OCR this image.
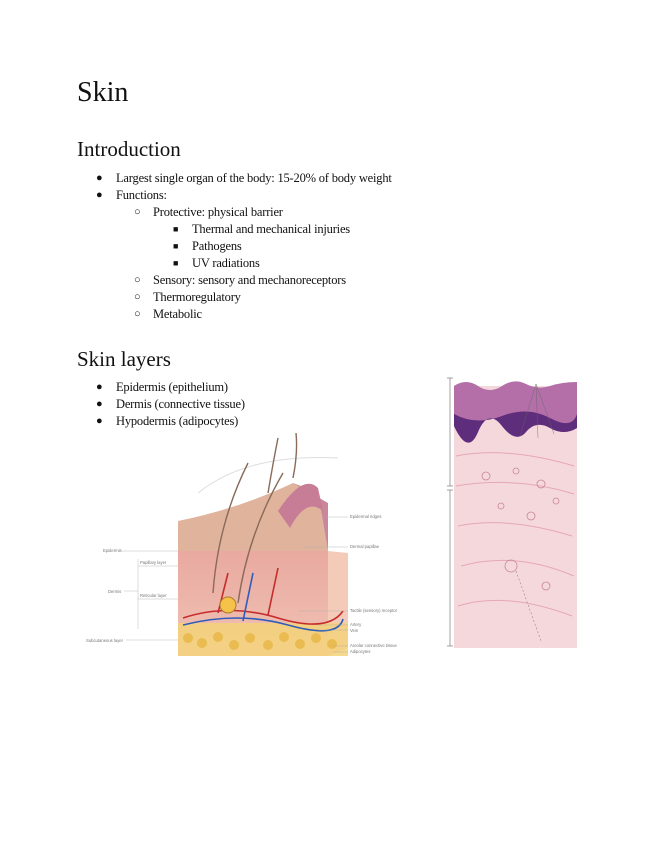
Skin
Introduction
● Largest single organ of the body: 15-20% of body weight
● Functions:
○ Protective: physical barrier
■ Thermal and mechanical injuries
■ Pathogens
■ UV radiations
○ Sensory: sensory and mechanoreceptors
○ Thermoregulatory
○ Metabolic
Skin layers
● Epidermis (epithelium)
● Dermis (connective tissue)
● Hypodermis (adipocytes)
Epidermis
Papillary layer
Dermis
Reticular layer
Subcutaneous layer
Epidermal ridges
Dermal papillae
Tactile (sensory) receptor
Artery
Vein
Areolar connective tissue
Adipocytes
